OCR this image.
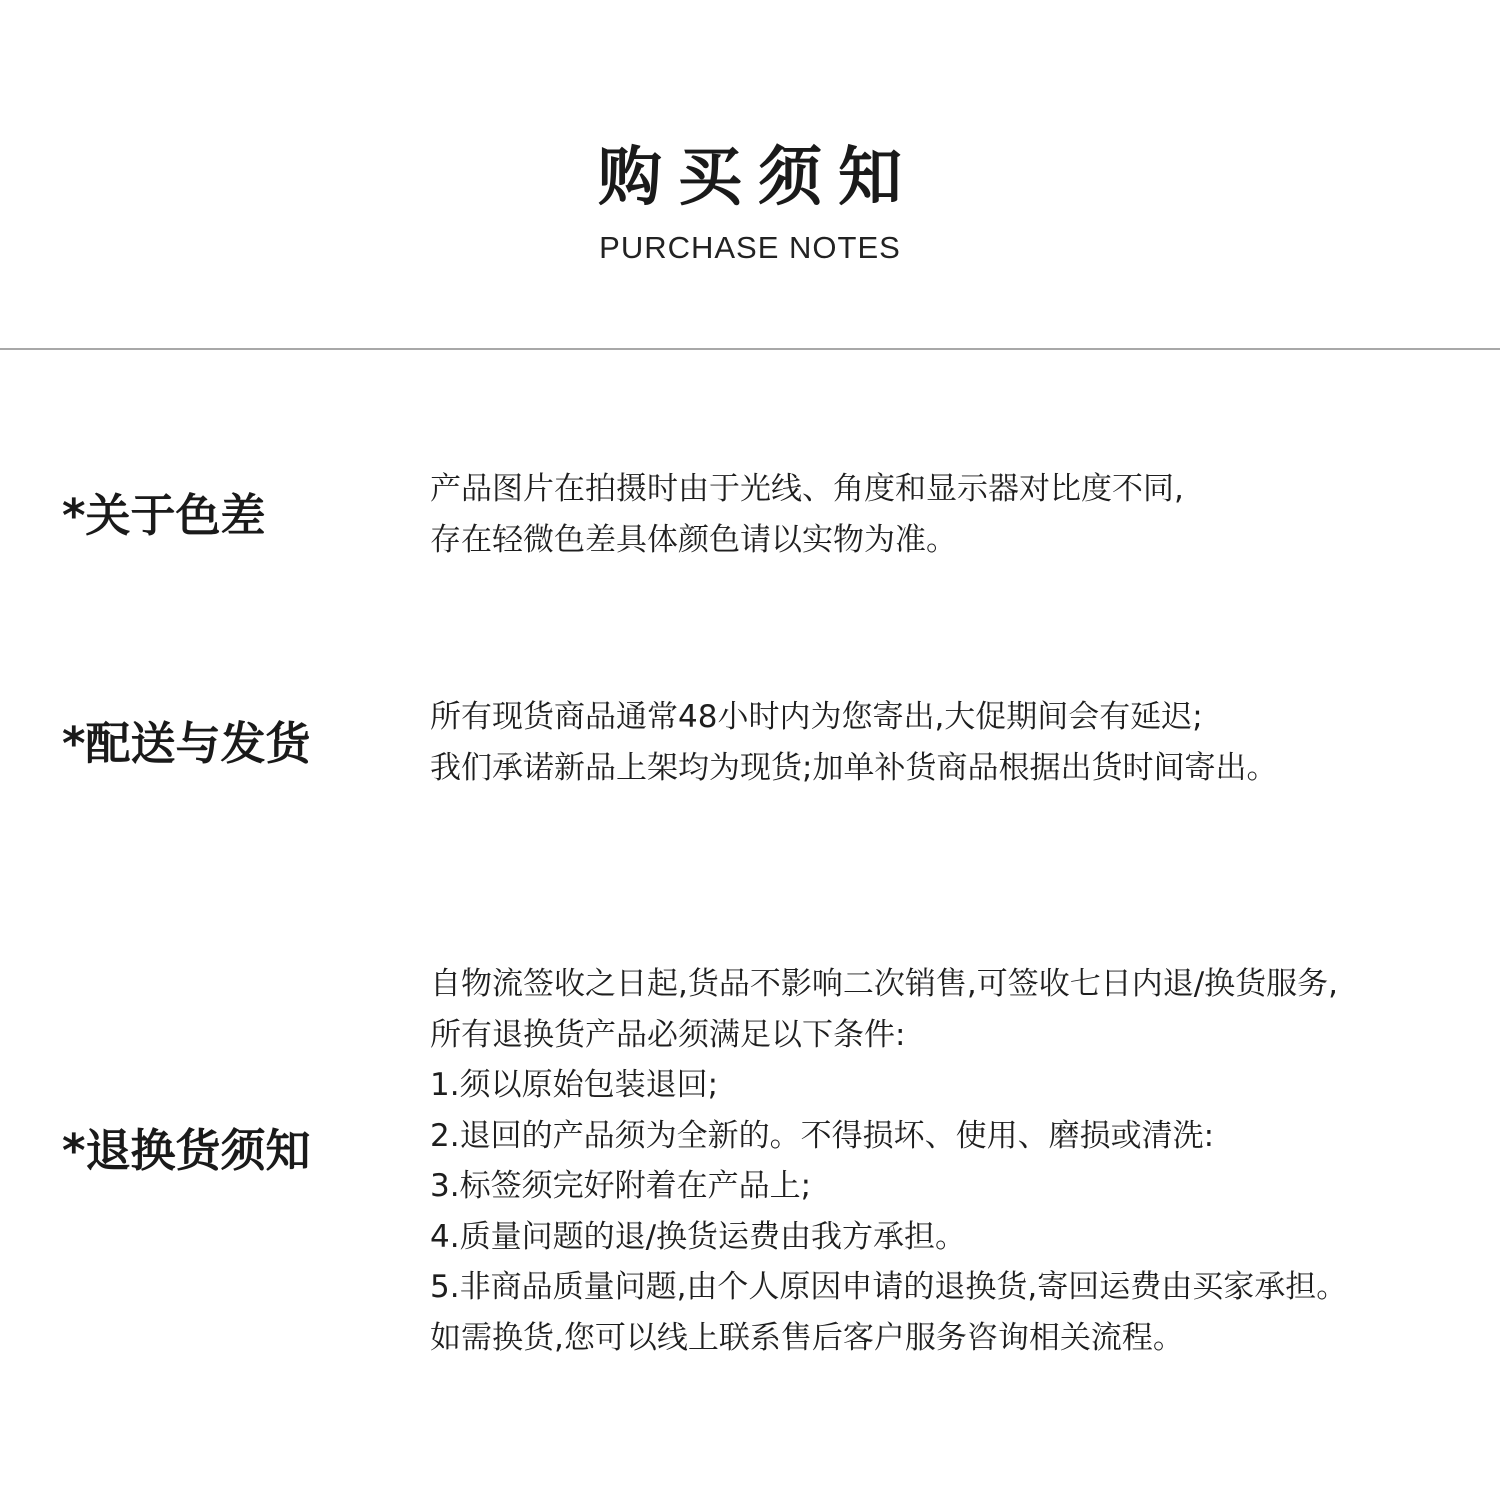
购买须知
PURCHASE NOTES
*关于色差	产品图片在拍摄时由于光线、角度和显示器对比度不同,
存在轻微色差具体颜色请以实物为准。
*配送与发货	所有现货商品通常48小时内为您寄出,大促期间会有延迟;
我们承诺新品上架均为现货;加单补货商品根据出货时间寄出。
*退换货须知
自物流签收之日起,货品不影响二次销售,可签收七日内退/换货服务,
所有退换货产品必须满足以下条件:
1.须以原始包装退回;
2.退回的产品须为全新的。不得损坏、使用、磨损或清洗:
3.标签须完好附着在产品上;
4.质量问题的退/换货运费由我方承担。
5.非商品质量问题,由个人原因申请的退换货,寄回运费由买家承担。
如需换货,您可以线上联系售后客户服务咨询相关流程。
